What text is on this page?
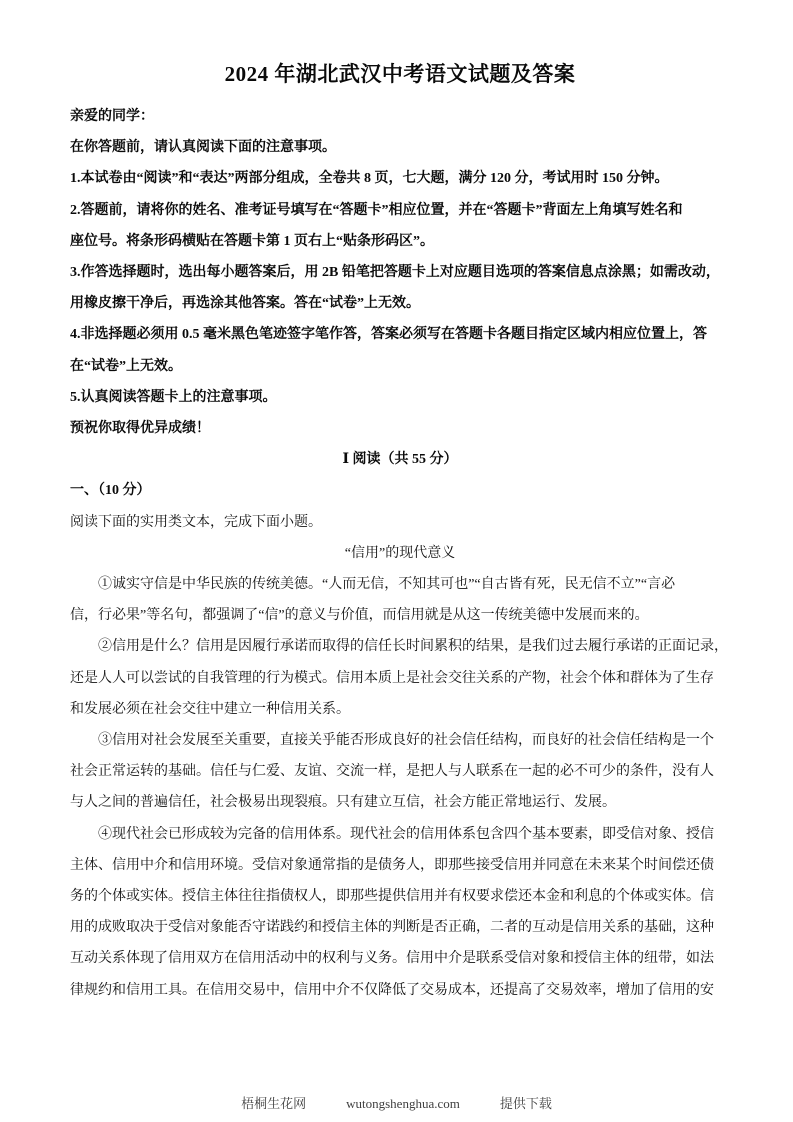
2024 年湖北武汉中考语文试题及答案
亲爱的同学：
在你答题前，请认真阅读下面的注意事项。
1.本试卷由“阅读”和“表达”两部分组成，全卷共 8 页，七大题，满分 120 分，考试用时 150 分钟。
2.答题前，请将你的姓名、准考证号填写在“答题卡”相应位置，并在“答题卡”背面左上角填写姓名和
座位号。将条形码横贴在答题卡第 1 页右上“贴条形码区”。
3.作答选择题时，选出每小题答案后，用 2B 铅笔把答题卡上对应题目选项的答案信息点涂黑；如需改动，
用橡皮擦干净后，再选涂其他答案。答在“试卷”上无效。
4.非选择题必须用 0.5 毫米黑色笔迹签字笔作答，答案必须写在答题卡各题目指定区域内相应位置上，答
在“试卷”上无效。
5.认真阅读答题卡上的注意事项。
预祝你取得优异成绩！
Ⅰ 阅读（共 55 分）
一、（10 分）
阅读下面的实用类文本，完成下面小题。
“信用”的现代意义
①诚实守信是中华民族的传统美德。“人而无信，不知其可也”“自古皆有死，民无信不立”“言必
信，行必果”等名句，都强调了“信”的意义与价值，而信用就是从这一传统美德中发展而来的。
②信用是什么？信用是因履行承诺而取得的信任长时间累积的结果，是我们过去履行承诺的正面记录，
还是人人可以尝试的自我管理的行为模式。信用本质上是社会交往关系的产物，社会个体和群体为了生存
和发展必须在社会交往中建立一种信用关系。
③信用对社会发展至关重要，直接关乎能否形成良好的社会信任结构，而良好的社会信任结构是一个
社会正常运转的基础。信任与仁爱、友谊、交流一样，是把人与人联系在一起的必不可少的条件，没有人
与人之间的普遍信任，社会极易出现裂痕。只有建立互信，社会方能正常地运行、发展。
④现代社会已形成较为完备的信用体系。现代社会的信用体系包含四个基本要素，即受信对象、授信
主体、信用中介和信用环境。受信对象通常指的是债务人，即那些接受信用并同意在未来某个时间偿还债
务的个体或实体。授信主体往往指债权人，即那些提供信用并有权要求偿还本金和利息的个体或实体。信
用的成败取决于受信对象能否守诺践约和授信主体的判断是否正确，二者的互动是信用关系的基础，这种
互动关系体现了信用双方在信用活动中的权利与义务。信用中介是联系受信对象和授信主体的纽带，如法
律规约和信用工具。在信用交易中，信用中介不仅降低了交易成本，还提高了交易效率，增加了信用的安
梧桐生花网	wutongshenghua.com	提供下载
